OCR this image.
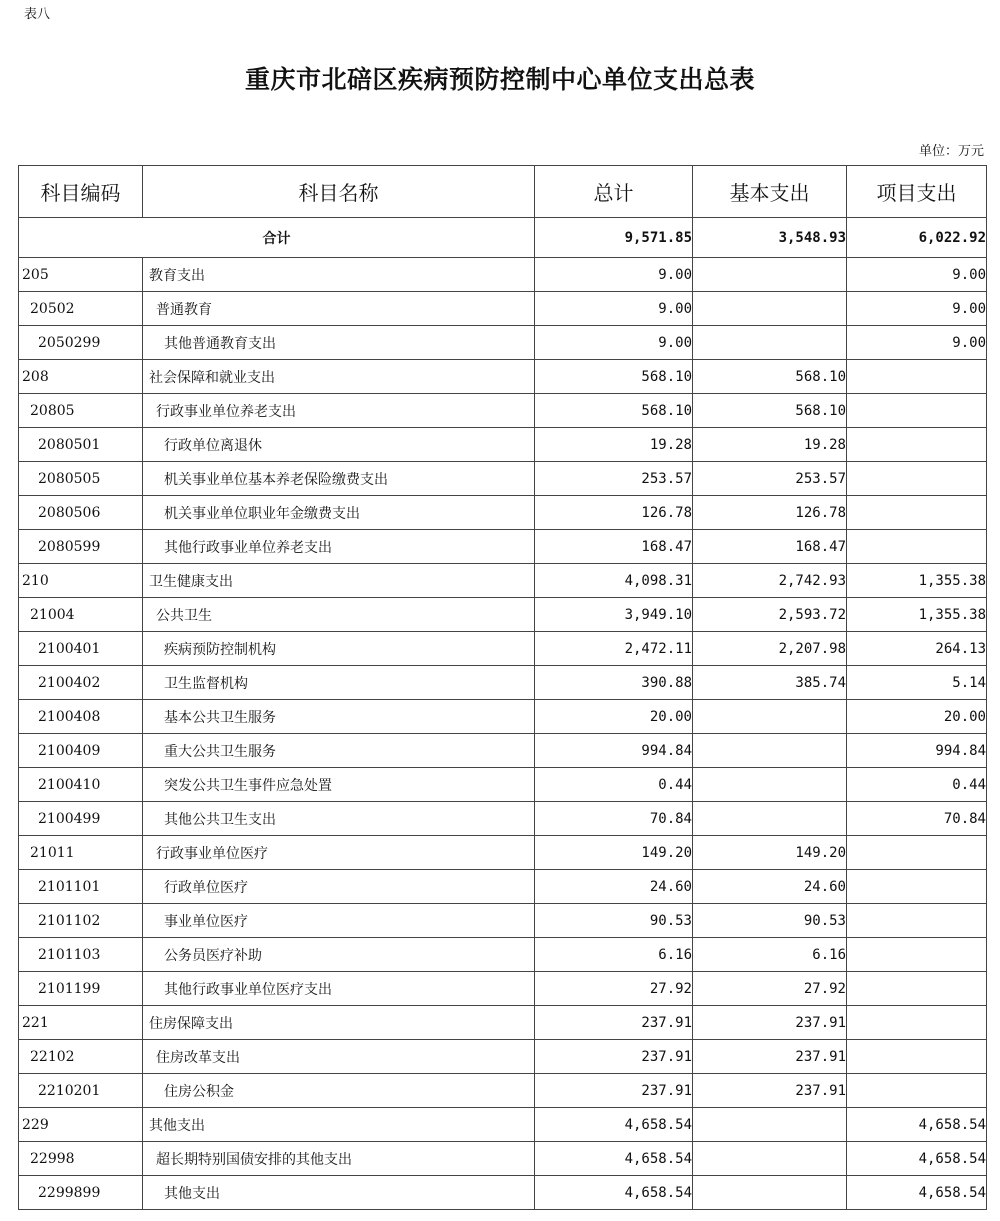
表八
重庆市北碚区疾病预防控制中心单位支出总表
单位：万元
科目编码	科目名称	总计	基本支出	项目支出
合计		9,571.85	3,548.93	6,022.92
205	教育支出	9.00		9.00
20502	普通教育	9.00		9.00
2050299	其他普通教育支出	9.00		9.00
208	社会保障和就业支出	568.10	568.10	
20805	行政事业单位养老支出	568.10	568.10	
2080501	行政单位离退休	19.28	19.28	
2080505	机关事业单位基本养老保险缴费支出	253.57	253.57	
2080506	机关事业单位职业年金缴费支出	126.78	126.78	
2080599	其他行政事业单位养老支出	168.47	168.47	
210	卫生健康支出	4,098.31	2,742.93	1,355.38
21004	公共卫生	3,949.10	2,593.72	1,355.38
2100401	疾病预防控制机构	2,472.11	2,207.98	264.13
2100402	卫生监督机构	390.88	385.74	5.14
2100408	基本公共卫生服务	20.00		20.00
2100409	重大公共卫生服务	994.84		994.84
2100410	突发公共卫生事件应急处置	0.44		0.44
2100499	其他公共卫生支出	70.84		70.84
21011	行政事业单位医疗	149.20	149.20	
2101101	行政单位医疗	24.60	24.60	
2101102	事业单位医疗	90.53	90.53	
2101103	公务员医疗补助	6.16	6.16	
2101199	其他行政事业单位医疗支出	27.92	27.92	
221	住房保障支出	237.91	237.91	
22102	住房改革支出	237.91	237.91	
2210201	住房公积金	237.91	237.91	
229	其他支出	4,658.54		4,658.54
22998	超长期特别国债安排的其他支出	4,658.54		4,658.54
2299899	其他支出	4,658.54		4,658.54
